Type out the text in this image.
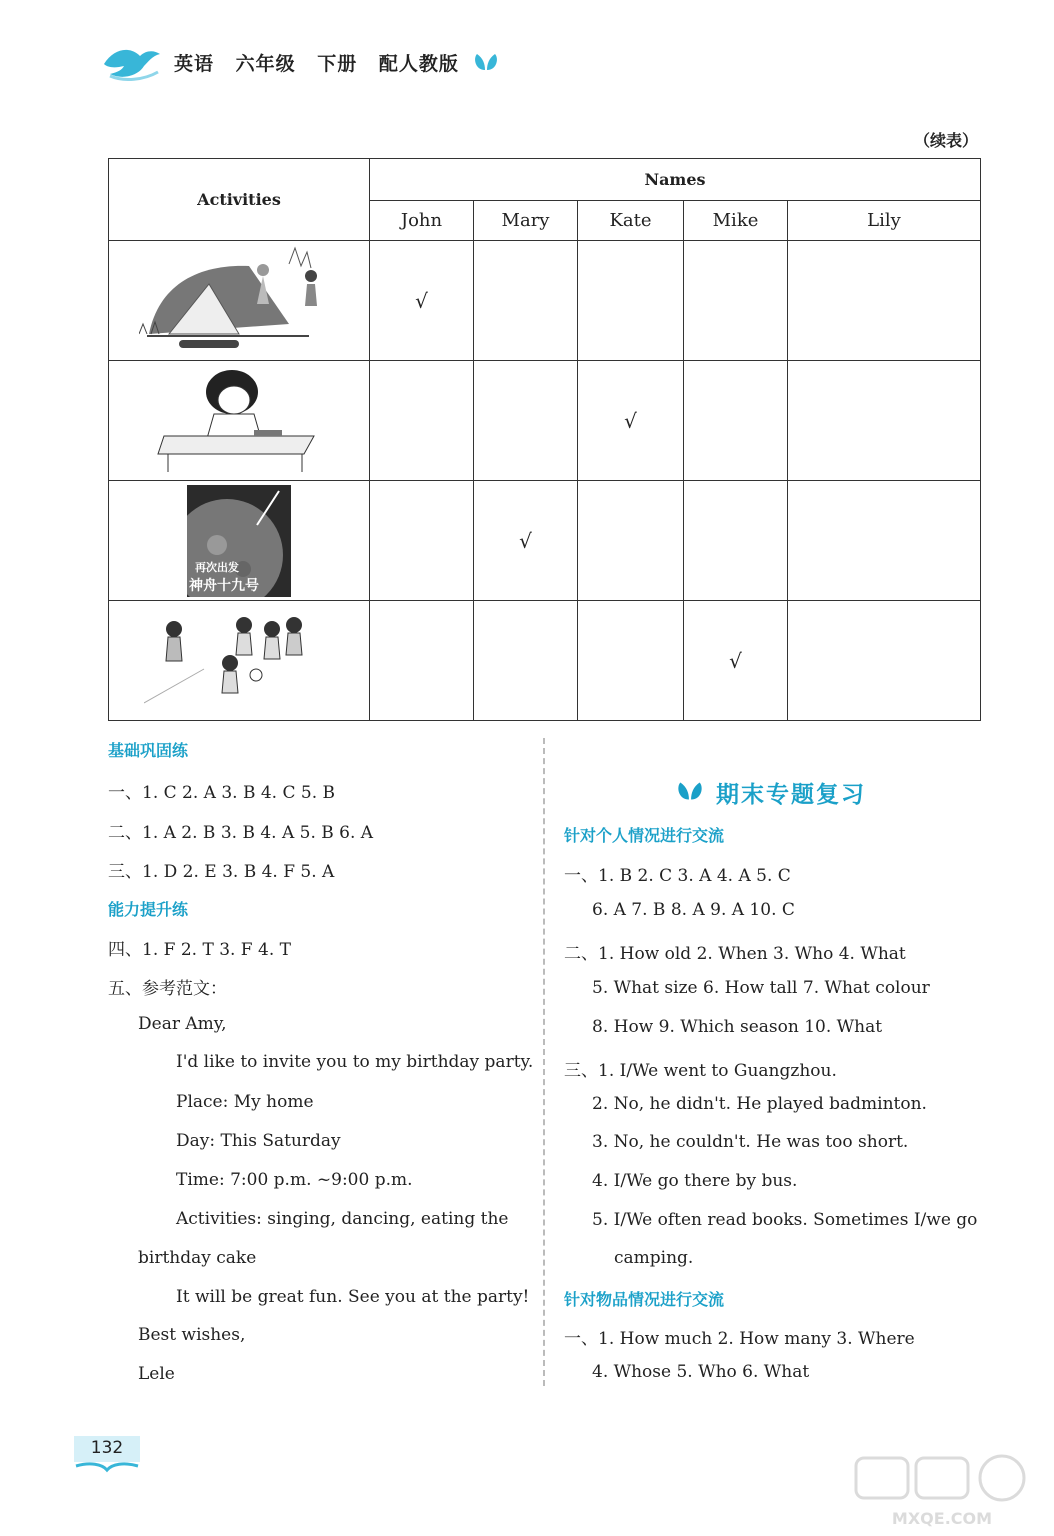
英语 六年级 下册 配人教版
（续表）
Activities	Names				
	John	Mary	Kate	Mike	Lily
	√				
			√		

再次出发
神舟十九号		√			
				√	
基础巩固练
一、1. C 2. A 3. B 4. C 5. B
二、1. A 2. B 3. B 4. A 5. B 6. A
三、1. D 2. E 3. B 4. F 5. A
能力提升练
四、1. F 2. T 3. F 4. T
五、参考范文：
Dear Amy,
I'd like to invite you to my birthday party.
Place: My home
Day: This Saturday
Time: 7:00 p.m. ~9:00 p.m.
Activities: singing, dancing, eating the
birthday cake
It will be great fun. See you at the party!
Best wishes,
Lele
期末专题复习
针对个人情况进行交流
一、1. B 2. C 3. A 4. A 5. C
6. A 7. B 8. A 9. A 10. C
二、1. How old 2. When 3. Who 4. What
5. What size 6. How tall 7. What colour
8. How 9. Which season 10. What
三、1. I/We went to Guangzhou.
2. No, he didn't. He played badminton.
3. No, he couldn't. He was too short.
4. I/We go there by bus.
5. I/We often read books. Sometimes I/we go
camping.
针对物品情况进行交流
一、1. How much 2. How many 3. Where
4. Whose 5. Who 6. What
132
MXQE.COM
